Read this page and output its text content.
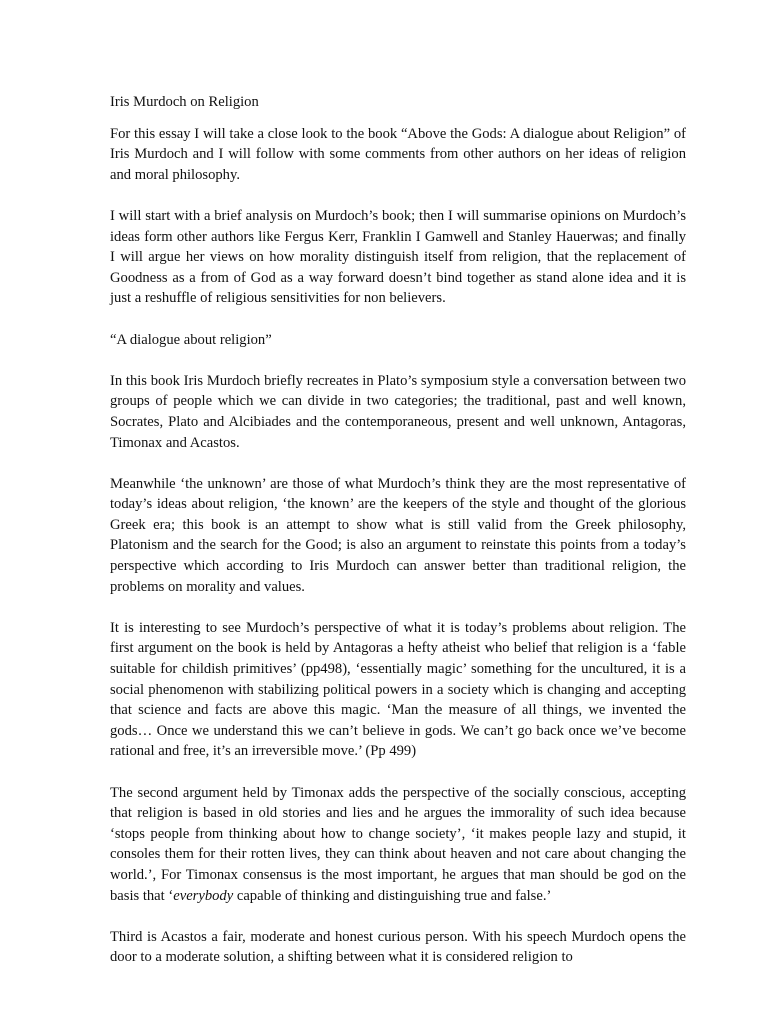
Iris Murdoch on Religion

For this essay I will take a close look to the book “Above the Gods: A dialogue about Religion” of Iris Murdoch and I will follow with some comments from other authors on her ideas of religion and moral philosophy.

I will start with a brief analysis on Murdoch’s book; then I will summarise opinions on Murdoch’s ideas form other authors like Fergus Kerr, Franklin I Gamwell and Stanley Hauerwas; and finally I will argue her views on how morality distinguish itself from religion, that the replacement of Goodness as a from of God as a way forward doesn’t bind together as stand alone idea and it is just a reshuffle of religious sensitivities for non believers.

“A dialogue about religion”

In this book Iris Murdoch briefly recreates in Plato’s symposium style a conversation between two groups of people which we can divide in two categories; the traditional, past and well known, Socrates, Plato and Alcibiades and the contemporaneous, present and well unknown, Antagoras, Timonax and Acastos.

Meanwhile ‘the unknown’ are those of what Murdoch’s think they are the most representative of today’s ideas about religion, ‘the known’ are the keepers of the style and thought of the glorious Greek era; this book is an attempt to show what is still valid from the Greek philosophy, Platonism and the search for the Good; is also an argument to reinstate this points from a today’s perspective which according to Iris Murdoch can answer better than traditional religion, the problems on morality and values.

It is interesting to see Murdoch’s perspective of what it is today’s problems about religion. The first argument on the book is held by Antagoras a hefty atheist who belief that religion is a ‘fable suitable for childish primitives’ (pp498), ‘essentially magic’ something for the uncultured, it is a social phenomenon with stabilizing political powers in a society which is changing and accepting that science and facts are above this magic. ‘Man the measure of all things, we invented the gods… Once we understand this we can’t believe in gods. We can’t go back once we’ve become rational and free, it’s an irreversible move.’ (Pp 499)

The second argument held by Timonax adds the perspective of the socially conscious, accepting that religion is based in old stories and lies and he argues the immorality of such idea because ‘stops people from thinking about how to change society’, ‘it makes people lazy and stupid, it consoles them for their rotten lives, they can think about heaven and not care about changing the world.’, For Timonax consensus is the most important, he argues that man should be god on the basis that ‘everybody capable of thinking and distinguishing true and false.’

Third is Acastos a fair, moderate and honest curious person. With his speech Murdoch opens the door to a moderate solution, a shifting between what it is considered religion to
